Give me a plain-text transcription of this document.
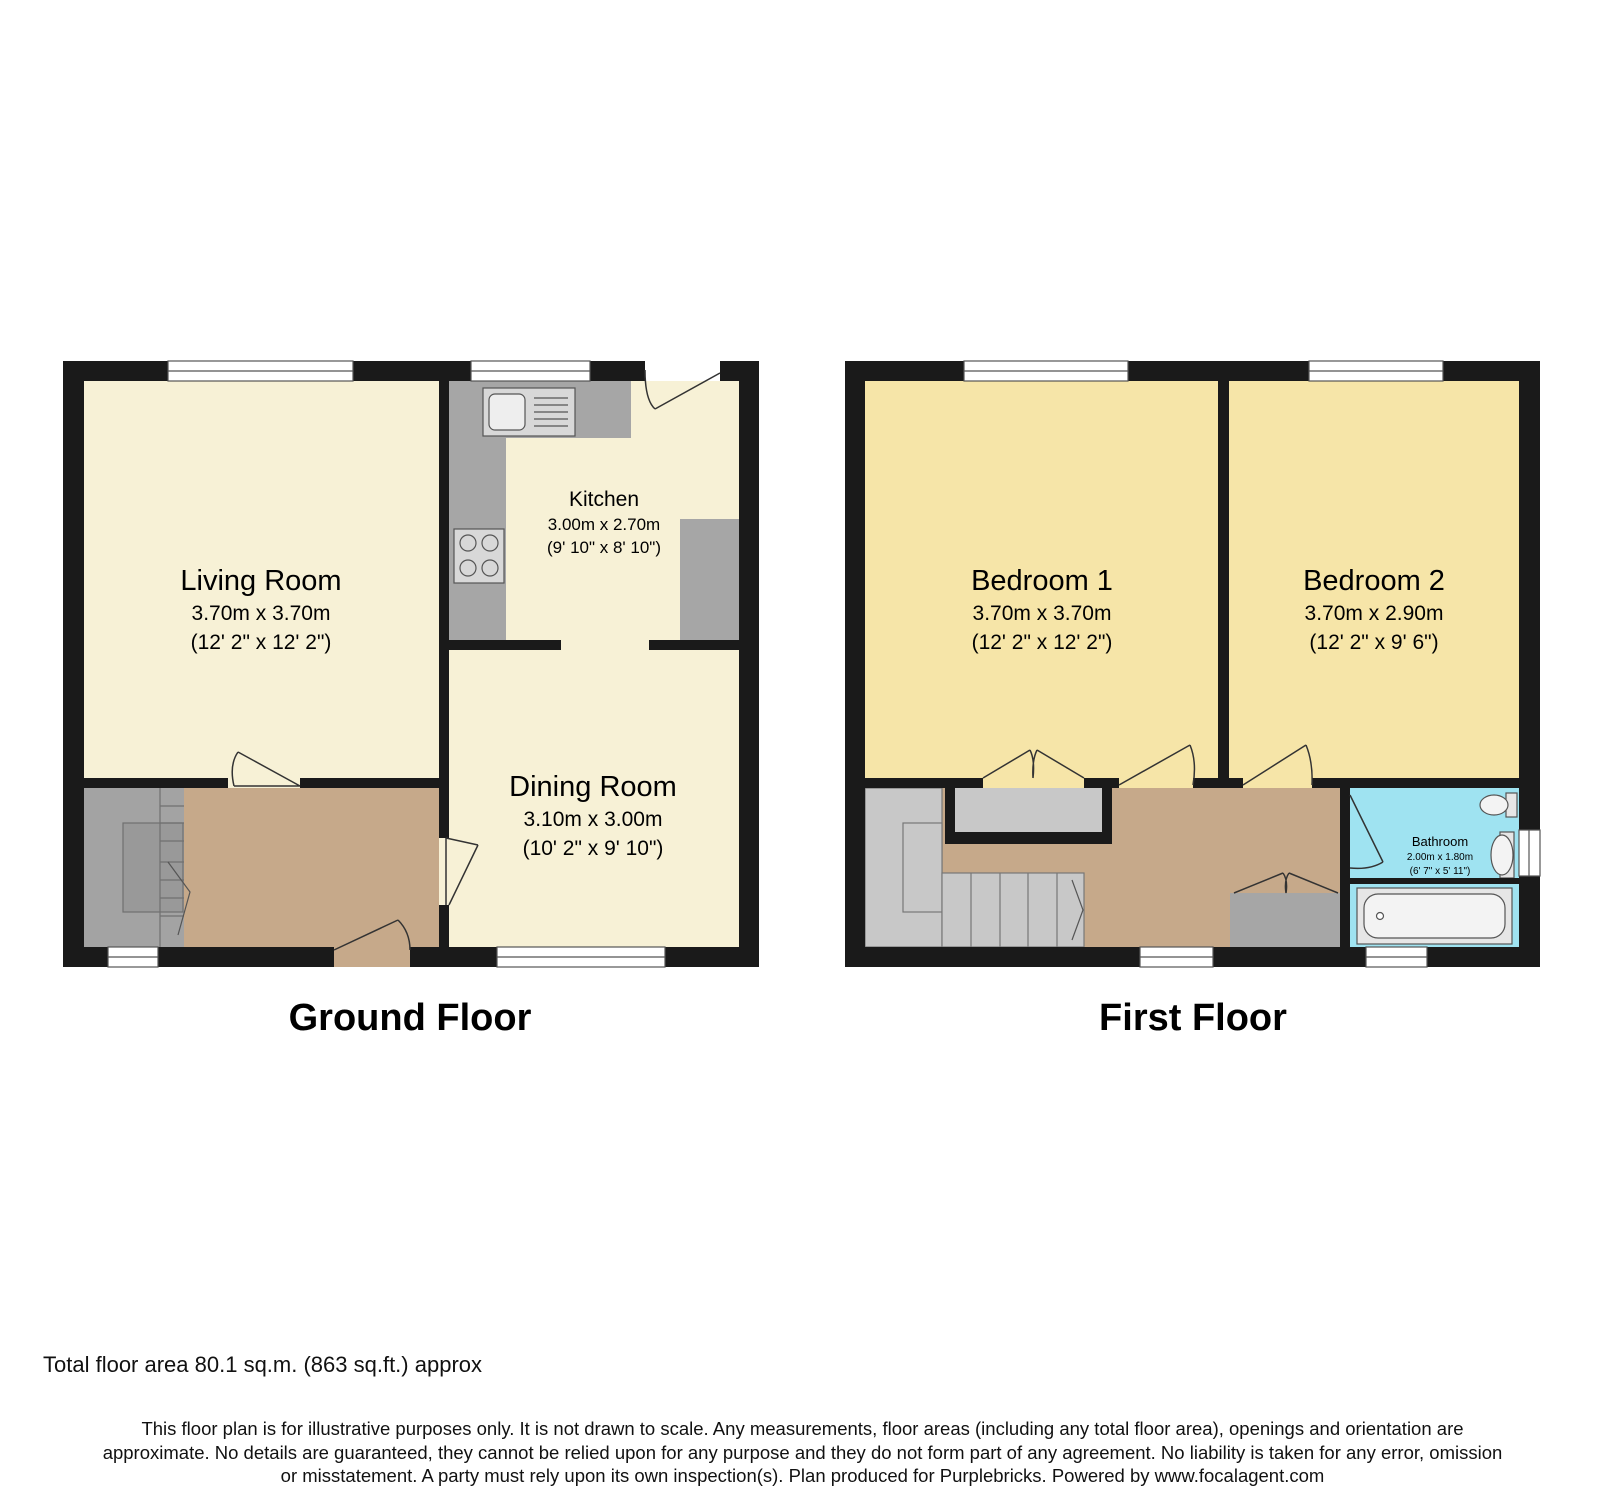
Living Room
3.70m x 3.70m
(12' 2" x 12' 2")
Kitchen
3.00m x 2.70m
(9' 10" x 8' 10")
Dining Room
3.10m x 3.00m
(10' 2" x 9' 10")
Ground Floor
Bedroom 1
3.70m x 3.70m
(12' 2" x 12' 2")
Bedroom 2
3.70m x 2.90m
(12' 2" x 9' 6")
Bathroom
2.00m x 1.80m
(6' 7" x 5' 11")
First Floor

Total floor area 80.1 sq.m. (863 sq.ft.) approx

This floor plan is for illustrative purposes only. It is not drawn to scale. Any measurements, floor areas (including any total floor area), openings and orientation are
approximate. No details are guaranteed, they cannot be relied upon for any purpose and they do not form part of any agreement. No liability is taken for any error, omission
or misstatement. A party must rely upon its own inspection(s). Plan produced for Purplebricks. Powered by www.focalagent.com
